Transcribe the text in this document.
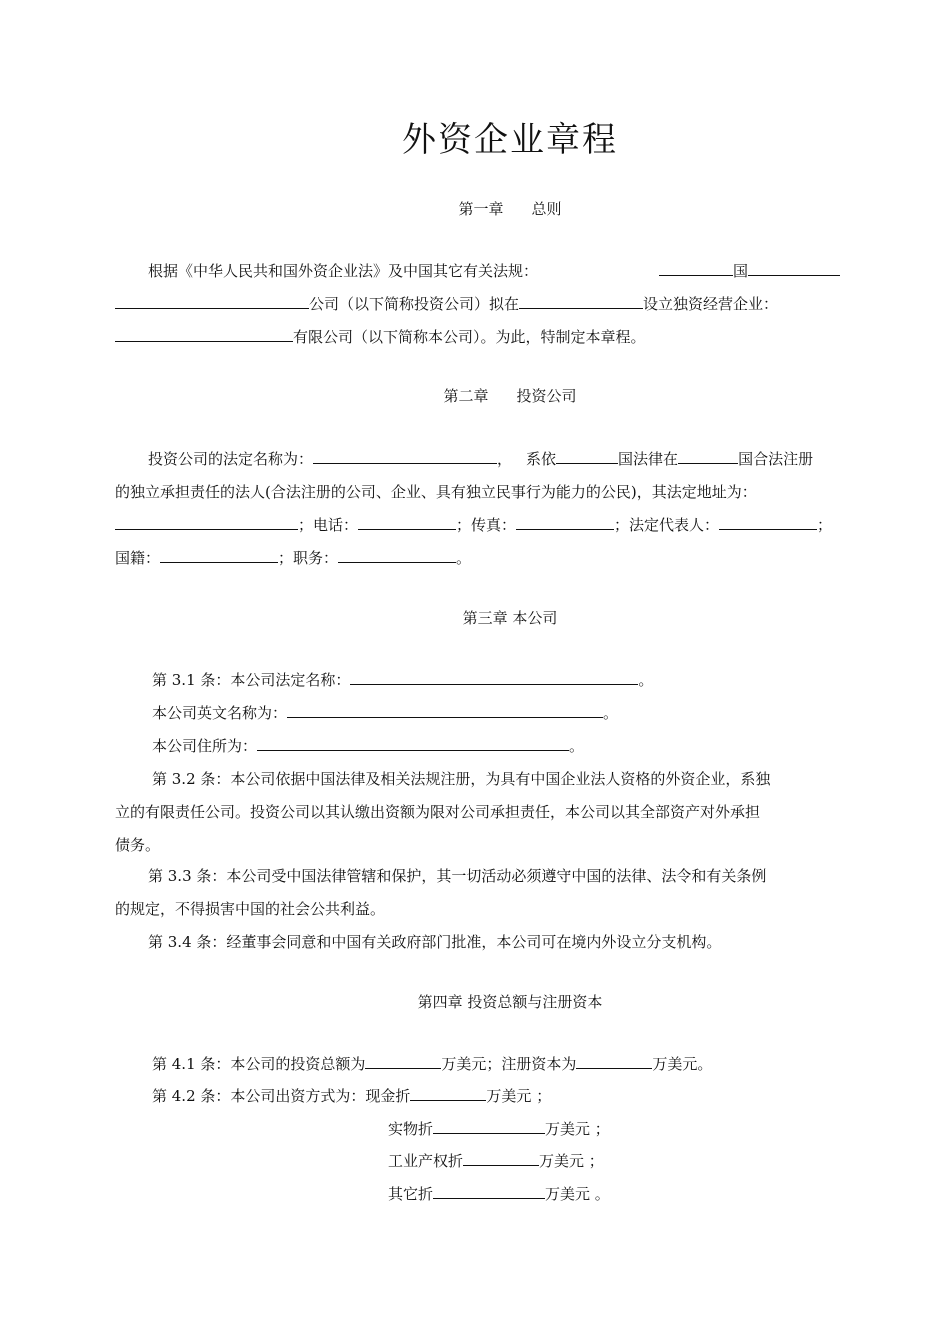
外资企业章程
第一章 总则
根据《中华人民共和国外资企业法》及中国其它有关法规：	国
公司（以下简称投资公司）拟在	设立独资经营企业：
有限公司（以下简称本公司）。为此，特制定本章程。
第二章 投资公司
投资公司的法定名称为：	， 系依	国法律在	国合法注册
的独立承担责任的法人(合法注册的公司、企业、具有独立民事行为能力的公民)，其法定地址为：
；电话：	；传真：	；法定代表人：	；
国籍：	；职务：	。
第三章 本公司
第 3.1 条：本公司法定名称：	。
本公司英文名称为：	。
本公司住所为：	。
第 3.2 条：本公司依据中国法律及相关法规注册，为具有中国企业法人资格的外资企业，系独
立的有限责任公司。投资公司以其认缴出资额为限对公司承担责任，本公司以其全部资产对外承担
债务。
第 3.3 条：本公司受中国法律管辖和保护，其一切活动必须遵守中国的法律、法令和有关条例
的规定，不得损害中国的社会公共利益。
第 3.4 条：经董事会同意和中国有关政府部门批准，本公司可在境内外设立分支机构。
第四章 投资总额与注册资本
第 4.1 条：本公司的投资总额为	万美元；注册资本为	万美元。
第 4.2 条：本公司出资方式为：现金折	万美元 ；
实物折	万美元 ；
工业产权折	万美元 ；
其它折	万美元 。
